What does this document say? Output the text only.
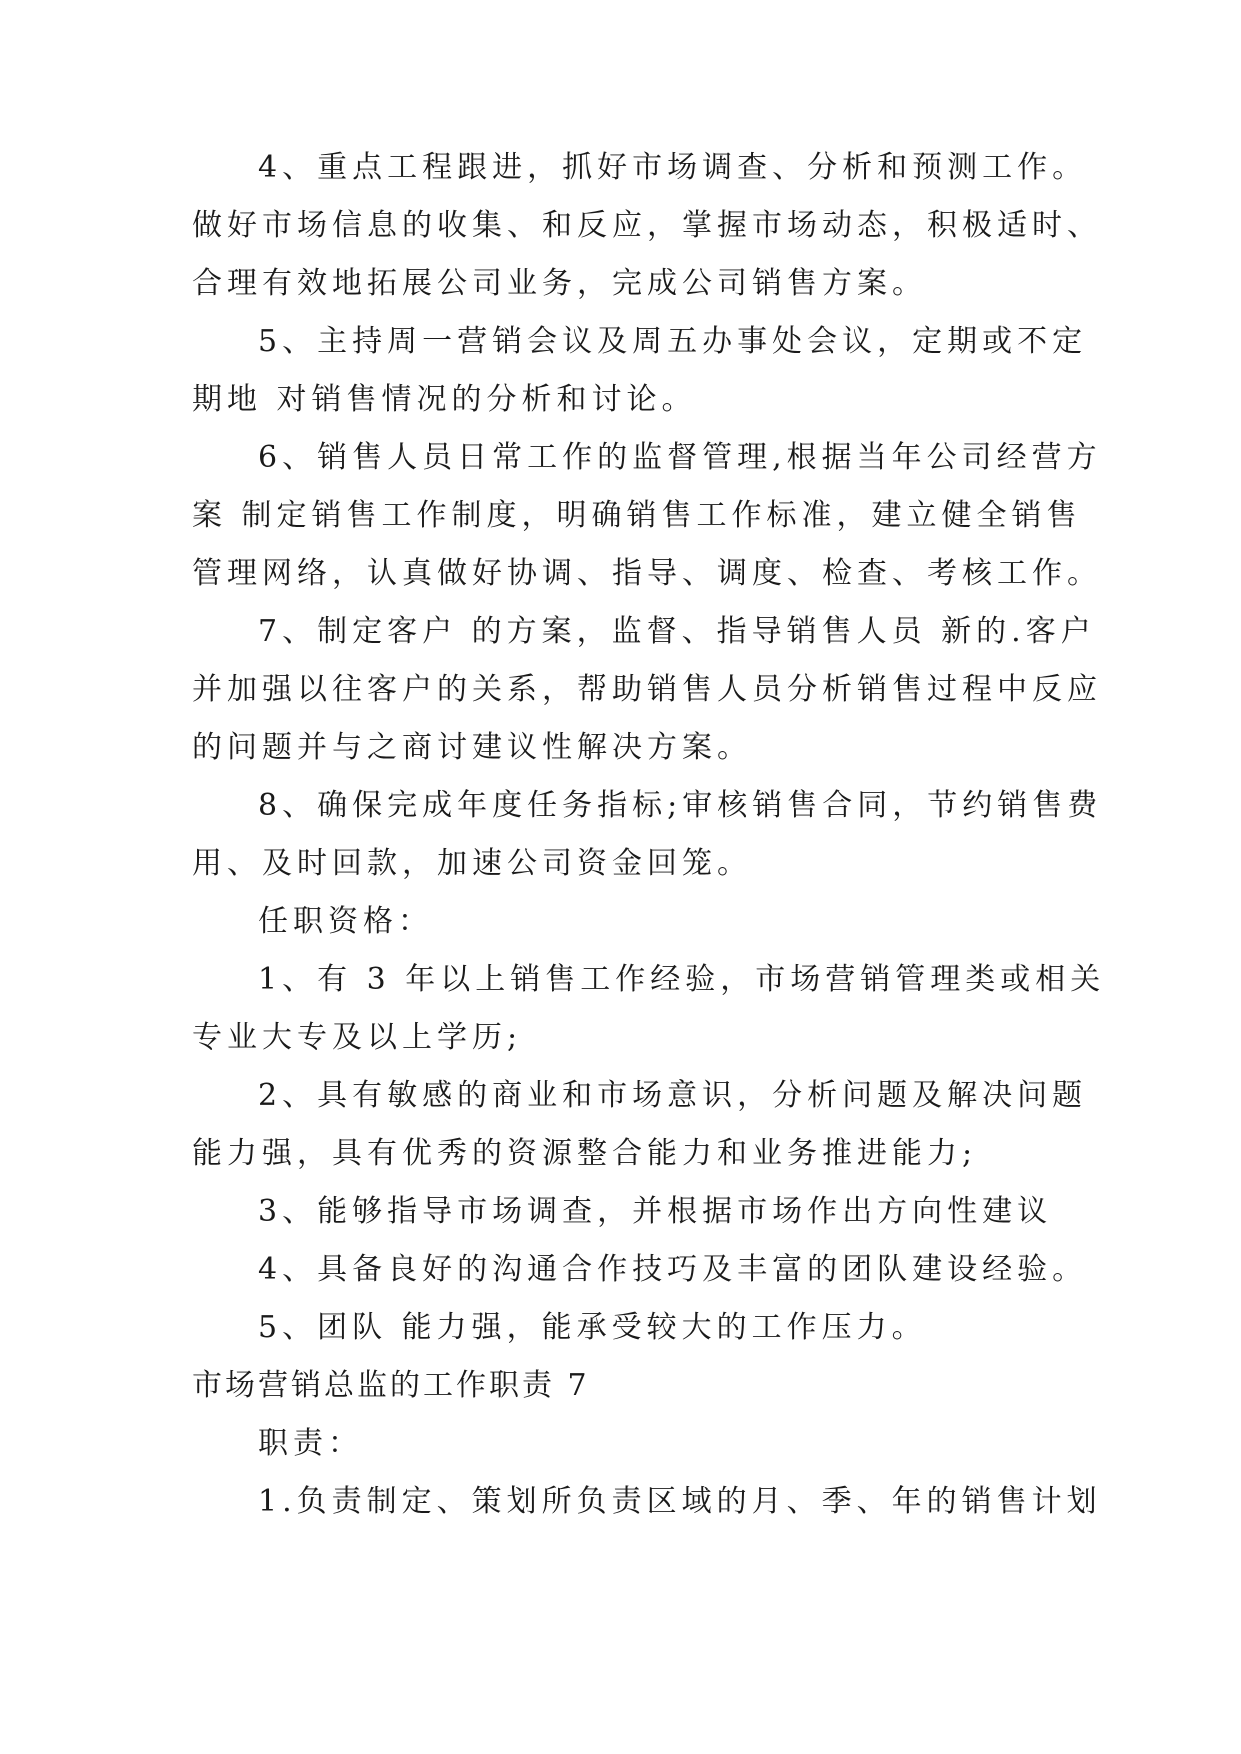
4、重点工程跟进，抓好市场调查、分析和预测工作。
做好市场信息的收集、和反应，掌握市场动态，积极适时、
合理有效地拓展公司业务，完成公司销售方案。
5、主持周一营销会议及周五办事处会议，定期或不定
期地 对销售情况的分析和讨论。
6、销售人员日常工作的监督管理,根据当年公司经营方
案 制定销售工作制度，明确销售工作标准，建立健全销售
管理网络，认真做好协调、指导、调度、检查、考核工作。
7、制定客户 的方案，监督、指导销售人员 新的.客户
并加强以往客户的关系，帮助销售人员分析销售过程中反应
的问题并与之商讨建议性解决方案。
8、确保完成年度任务指标;审核销售合同，节约销售费
用、及时回款，加速公司资金回笼。
任职资格：
1、有 3 年以上销售工作经验，市场营销管理类或相关
专业大专及以上学历;
2、具有敏感的商业和市场意识，分析问题及解决问题
能力强，具有优秀的资源整合能力和业务推进能力;
3、能够指导市场调查，并根据市场作出方向性建议
4、具备良好的沟通合作技巧及丰富的团队建设经验。
5、团队 能力强，能承受较大的工作压力。
市场营销总监的工作职责 7
职责：
1.负责制定、策划所负责区域的月、季、年的销售计划
